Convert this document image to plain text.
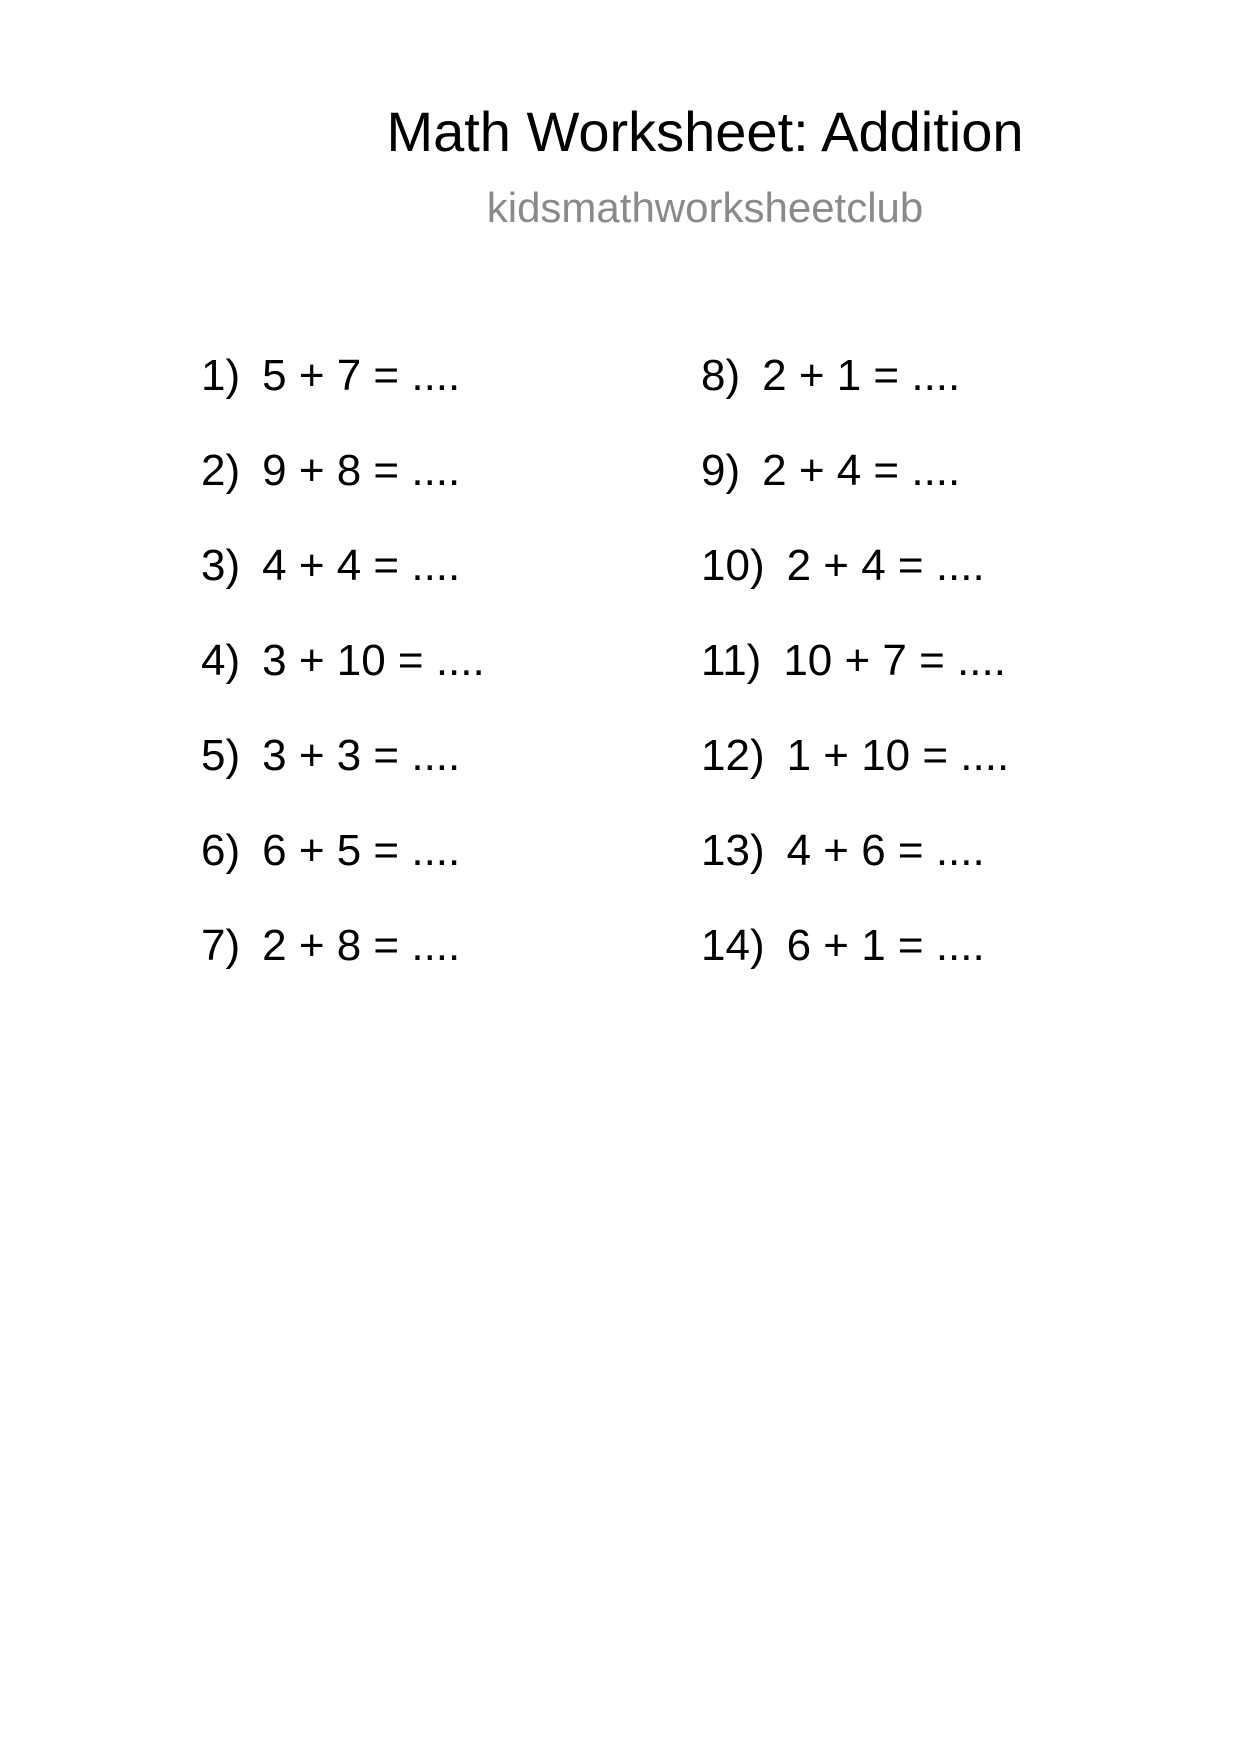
Math Worksheet: Addition
kidsmathworksheetclub
1) 5 + 7 = ....
2) 9 + 8 = ....
3) 4 + 4 = ....
4) 3 + 10 = ....
5) 3 + 3 = ....
6) 6 + 5 = ....
7) 2 + 8 = ....
8) 2 + 1 = ....
9) 2 + 4 = ....
10) 2 + 4 = ....
11) 10 + 7 = ....
12) 1 + 10 = ....
13) 4 + 6 = ....
14) 6 + 1 = ....
